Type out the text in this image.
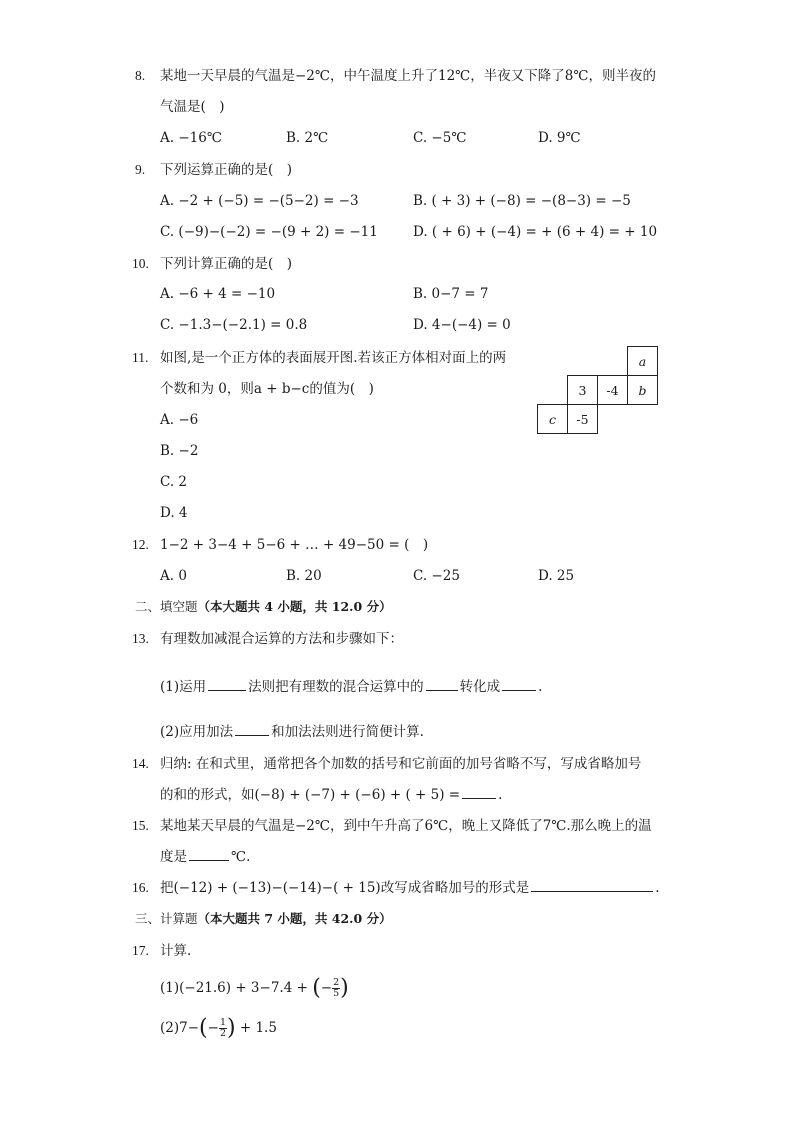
8. 某地一天早晨的气温是−2℃，中午温度上升了12℃，半夜又下降了8℃，则半夜的
气温是(　)
A. −16℃	B. 2℃	C. −5℃	D. 9℃
9. 下列运算正确的是(　)
A. −2 + (−5) = −(5−2) = −3	B. ( + 3) + (−8) = −(8−3) = −5
C. (−9)−(−2) = −(9 + 2) = −11	D. ( + 6) + (−4) = + (6 + 4) = + 10
10. 下列计算正确的是(　)
A. −6 + 4 = −10	B. 0−7 = 7
C. −1.3−(−2.1) = 0.8	D. 4−(−4) = 0
11. 如图,是一个正方体的表面展开图.若该正方体相对面上的两
个数和为 0，则a + b−c的值为(　)
A. −6
B. −2
C. 2
D. 4
a
3	-4	b
c	-5
12. 1−2 + 3−4 + 5−6 + … + 49−50 = (　)
A. 0	B. 20	C. −25	D. 25
二、填空题（本大题共 4 小题，共 12.0 分）
13. 有理数加减混合运算的方法和步骤如下：
(1)运用	法则把有理数的混合运算中的	转化成	.
(2)应用加法	和加法法则进行简便计算.
14. 归纳: 在和式里，通常把各个加数的括号和它前面的加号省略不写，写成省略加号
的和的形式，如(−8) + (−7) + (−6) + ( + 5) =	.
15. 某地某天早晨的气温是−2℃，到中午升高了6℃，晚上又降低了7℃.那么晚上的温
度是	℃.
16. 把(−12) + (−13)−(−14)−( + 15)改写成省略加号的形式是	.
三、计算题（本大题共 7 小题，共 42.0 分）
17. 计算.
(1)(−21.6) + 3−7.4 + (− $\frac{2}{5}$ )
$(2)7-(- \frac{1}{2}$ ) + 1.5
